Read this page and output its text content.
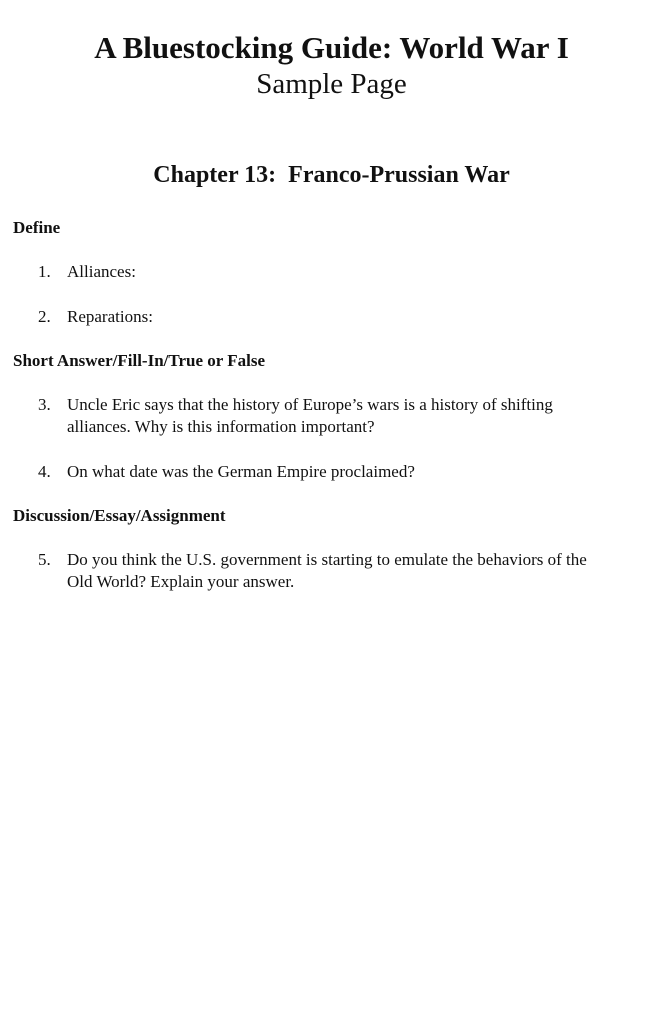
A Bluestocking Guide: World War I
Sample Page
Chapter 13:  Franco-Prussian War
Define
1. Alliances:
2. Reparations:
Short Answer/Fill-In/True or False
3. Uncle Eric says that the history of Europe’s wars is a history of shifting
alliances. Why is this information important?
4. On what date was the German Empire proclaimed?
Discussion/Essay/Assignment
5. Do you think the U.S. government is starting to emulate the behaviors of the
Old World? Explain your answer.
